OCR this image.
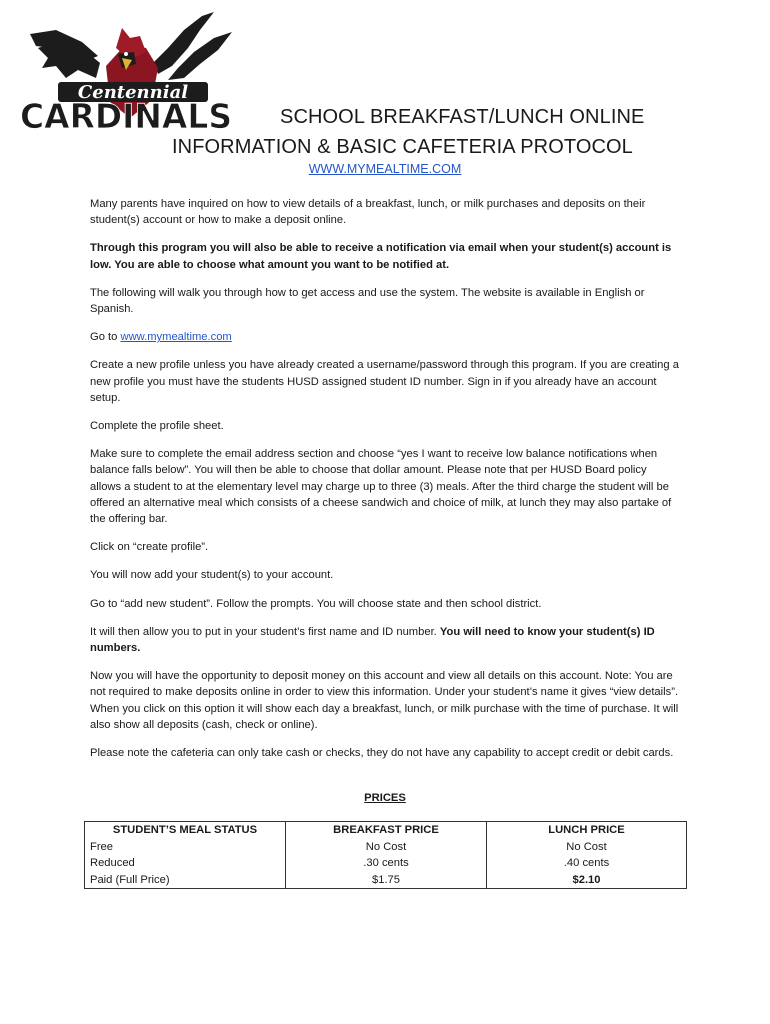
Centennial
CARDINALS SCHOOL BREAKFAST/LUNCH ONLINE
INFORMATION & BASIC CAFETERIA PROTOCOL
WWW.MYMEALTIME.COM

Many parents have inquired on how to view details of a breakfast, lunch, or milk purchases and deposits on their student(s) account or how to make a deposit online.

Through this program you will also be able to receive a notification via email when your student(s) account is low. You are able to choose what amount you want to be notified at.

The following will walk you through how to get access and use the system. The website is available in English or Spanish.

Go to www.mymealtime.com

Create a new profile unless you have already created a username/password through this program. If you are creating a new profile you must have the students HUSD assigned student ID number. Sign in if you already have an account setup.

Complete the profile sheet.

Make sure to complete the email address section and choose “yes I want to receive low balance notifications when balance falls below”. You will then be able to choose that dollar amount. Please note that per HUSD Board policy allows a student to at the elementary level may charge up to three (3) meals. After the third charge the student will be offered an alternative meal which consists of a cheese sandwich and choice of milk, at lunch they may also partake of the offering bar.

Click on “create profile”.

You will now add your student(s) to your account.

Go to “add new student”. Follow the prompts. You will choose state and then school district.

It will then allow you to put in your student’s first name and ID number. You will need to know your student(s) ID numbers.

Now you will have the opportunity to deposit money on this account and view all details on this account. Note: You are not required to make deposits online in order to view this information. Under your student’s name it gives “view details”. When you click on this option it will show each day a breakfast, lunch, or milk purchase with the time of purchase. It will also show all deposits (cash, check or online).

Please note the cafeteria can only take cash or checks, they do not have any capability to accept credit or debit cards.

PRICES
STUDENT’S MEAL STATUS	BREAKFAST PRICE	LUNCH PRICE
Free	No Cost	No Cost
Reduced	.30 cents	.40 cents
Paid (Full Price)	$1.75	$2.10
